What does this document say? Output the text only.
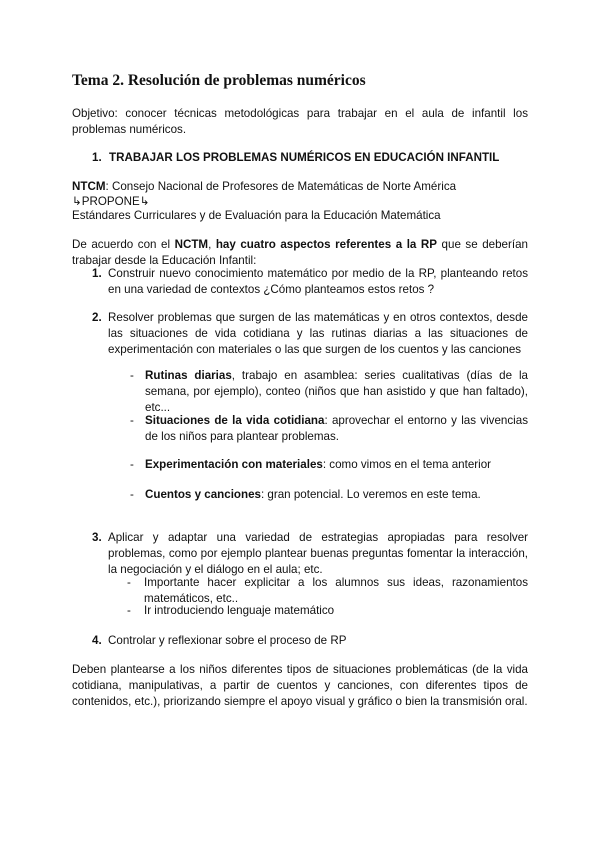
Tema 2. Resolución de problemas numéricos
Objetivo: conocer técnicas metodológicas para trabajar en el aula de infantil los problemas numéricos.
1. TRABAJAR LOS PROBLEMAS NUMÉRICOS EN EDUCACIÓN INFANTIL
NTCM: Consejo Nacional de Profesores de Matemáticas de Norte América
↳PROPONE↳
Estándares Curriculares y de Evaluación para la Educación Matemática
De acuerdo con el NCTM, hay cuatro aspectos referentes a la RP que se deberían trabajar desde la Educación Infantil:
1. Construir nuevo conocimiento matemático por medio de la RP, planteando retos en una variedad de contextos ¿Cómo planteamos estos retos ?
2. Resolver problemas que surgen de las matemáticas y en otros contextos, desde las situaciones de vida cotidiana y las rutinas diarias a las situaciones de experimentación con materiales o las que surgen de los cuentos y las canciones
- Rutinas diarias, trabajo en asamblea: series cualitativas (días de la semana, por ejemplo), conteo (niños que han asistido y que han faltado), etc...
- Situaciones de la vida cotidiana: aprovechar el entorno y las vivencias de los niños para plantear problemas.
- Experimentación con materiales: como vimos en el tema anterior
- Cuentos y canciones: gran potencial. Lo veremos en este tema.
3. Aplicar y adaptar una variedad de estrategias apropiadas para resolver problemas, como por ejemplo plantear buenas preguntas fomentar la interacción, la negociación y el diálogo en el aula; etc.
- Importante hacer explicitar a los alumnos sus ideas, razonamientos matemáticos, etc..
- Ir introduciendo lenguaje matemático
4. Controlar y reflexionar sobre el proceso de RP
Deben plantearse a los niños diferentes tipos de situaciones problemáticas (de la vida cotidiana, manipulativas, a partir de cuentos y canciones, con diferentes tipos de contenidos, etc.), priorizando siempre el apoyo visual y gráfico o bien la transmisión oral.
